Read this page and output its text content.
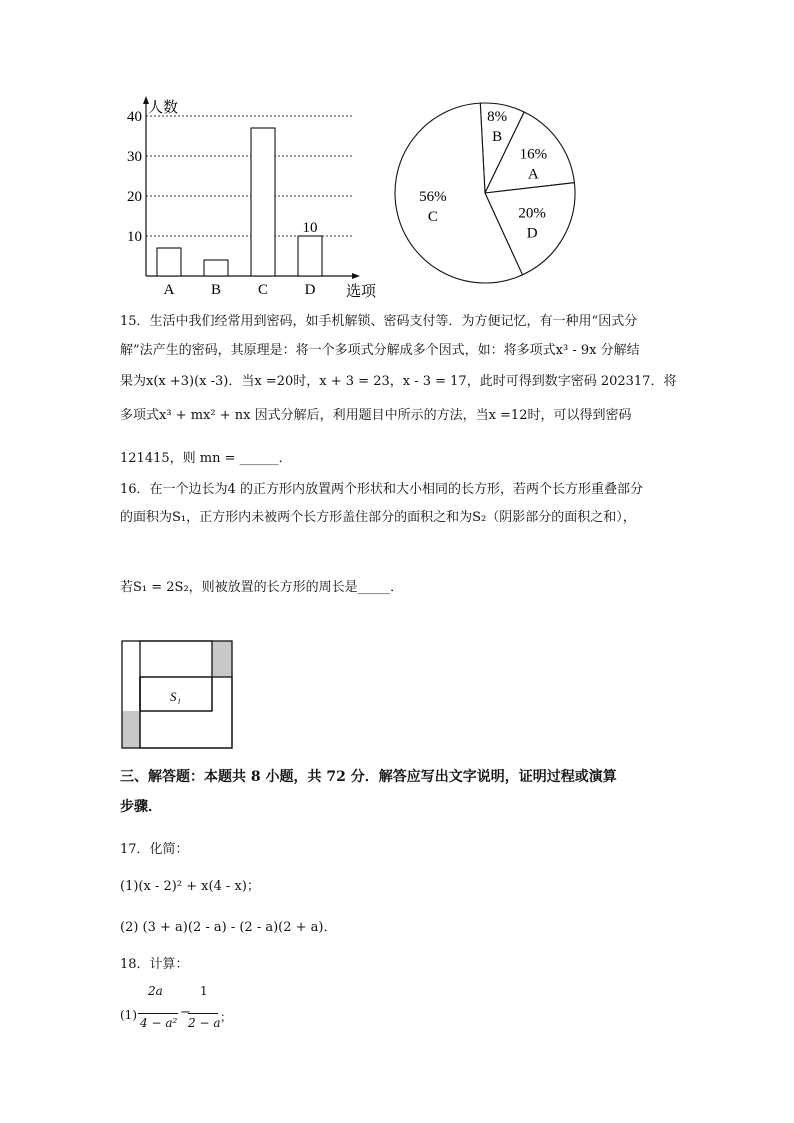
10
20
30
40
A B C D
10
人数
选项
8%
B
16%
A
20%
D
56%
C
15．生活中我们经常用到密码，如手机解锁、密码支付等．为方便记忆，有一种用“因式分
解”法产生的密码，其原理是：将一个多项式分解成多个因式，如：将多项式x³ - 9x 分解结
果为x(x +3)(x -3)．当x =20时，x + 3 = 23，x - 3 = 17，此时可得到数字密码 202317．将
多项式x³ + mx² + nx 因式分解后，利用题目中所示的方法，当x =12时，可以得到密码
121415，则 mn = ______．
16．在一个边长为4 的正方形内放置两个形状和大小相同的长方形，若两个长方形重叠部分
的面积为S₁，正方形内未被两个长方形盖住部分的面积之和为S₂（阴影部分的面积之和），
若S₁ = 2S₂，则被放置的长方形的周长是_____．
S₁
三、解答题：本题共 8 小题，共 72 分．解答应写出文字说明，证明过程或演算
步骤．
17．化简：
(1)(x - 2)² + x(4 - x)；
(2) (3 + a)(2 - a) - (2 - a)(2 + a)．
18．计算：
(1)
2a
4 − a²
−
1
2 − a ；
